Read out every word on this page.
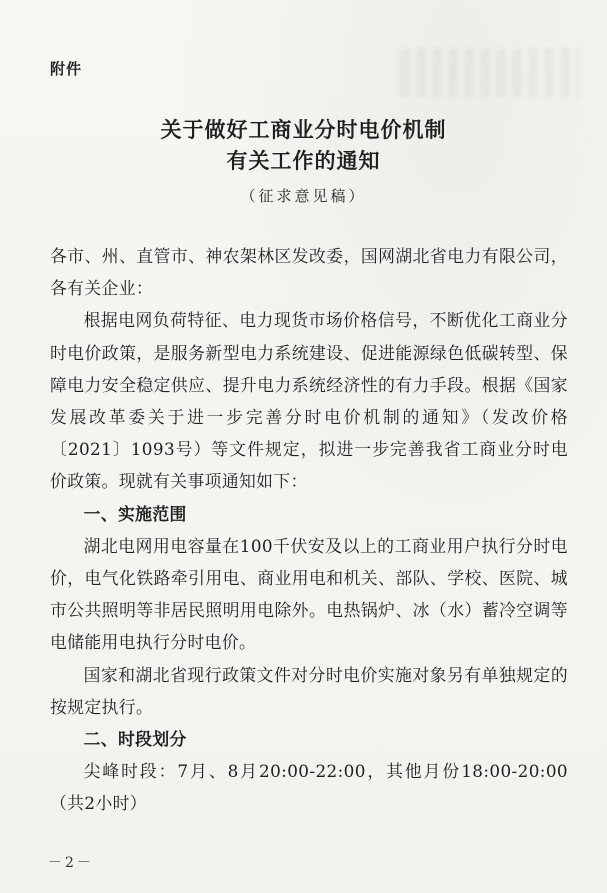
附件
关于做好工商业分时电价机制
有关工作的通知
（征求意见稿）

各市、州、直管市、神农架林区发改委，国网湖北省电力有限公司，各有关企业：

根据电网负荷特征、电力现货市场价格信号，不断优化工商业分时电价政策，是服务新型电力系统建设、促进能源绿色低碳转型、保障电力安全稳定供应、提升电力系统经济性的有力手段。根据《国家发展改革委关于进一步完善分时电价机制的通知》（发改价格〔2021〕1093号）等文件规定，拟进一步完善我省工商业分时电价政策。现就有关事项通知如下：

一、实施范围

湖北电网用电容量在100千伏安及以上的工商业用户执行分时电价，电气化铁路牵引用电、商业用电和机关、部队、学校、医院、城市公共照明等非居民照明用电除外。电热锅炉、冰（水）蓄冷空调等电储能用电执行分时电价。

国家和湖北省现行政策文件对分时电价实施对象另有单独规定的按规定执行。

二、时段划分

尖峰时段：7月、8月20:00-22:00，其他月份18:00-20:00（共2小时）

－2－
